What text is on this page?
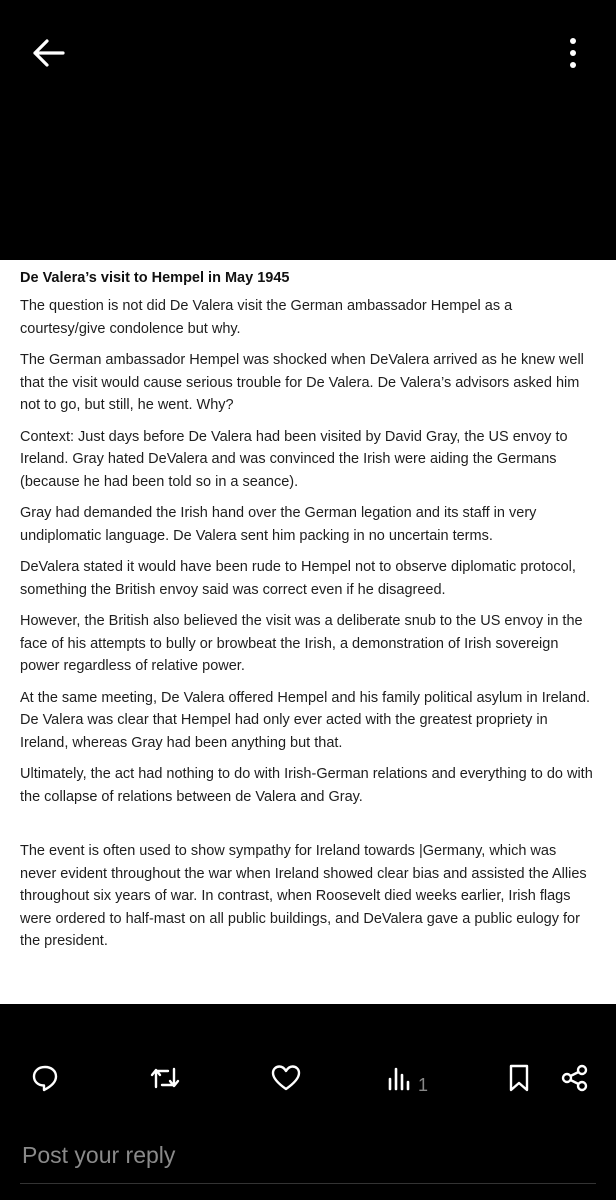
De Valera’s visit to Hempel in May 1945

The question is not did De Valera visit the German ambassador Hempel as a courtesy/give condolence but why.

The German ambassador Hempel was shocked when DeValera arrived as he knew well that the visit would cause serious trouble for De Valera. De Valera’s advisors asked him not to go, but still, he went. Why?

Context: Just days before De Valera had been visited by David Gray, the US envoy to Ireland. Gray hated DeValera and was convinced the Irish were aiding the Germans (because he had been told so in a seance).

Gray had demanded the Irish hand over the German legation and its staff in very undiplomatic language. De Valera sent him packing in no uncertain terms.

DeValera stated it would have been rude to Hempel not to observe diplomatic protocol, something the British envoy said was correct even if he disagreed.

However, the British also believed the visit was a deliberate snub to the US envoy in the face of his attempts to bully or browbeat the Irish, a demonstration of Irish sovereign power regardless of relative power.

At the same meeting, De Valera offered Hempel and his family political asylum in Ireland. De Valera was clear that Hempel had only ever acted with the greatest propriety in Ireland, whereas Gray had been anything but that.

Ultimately, the act had nothing to do with Irish-German relations and everything to do with the collapse of relations between de Valera and Gray.

The event is often used to show sympathy for Ireland towards |Germany, which was never evident throughout the war when Ireland showed clear bias and assisted the Allies throughout six years of war. In contrast, when Roosevelt died weeks earlier, Irish flags were ordered to half-mast on all public buildings, and DeValera gave a public eulogy for the president.

1
Post your reply
